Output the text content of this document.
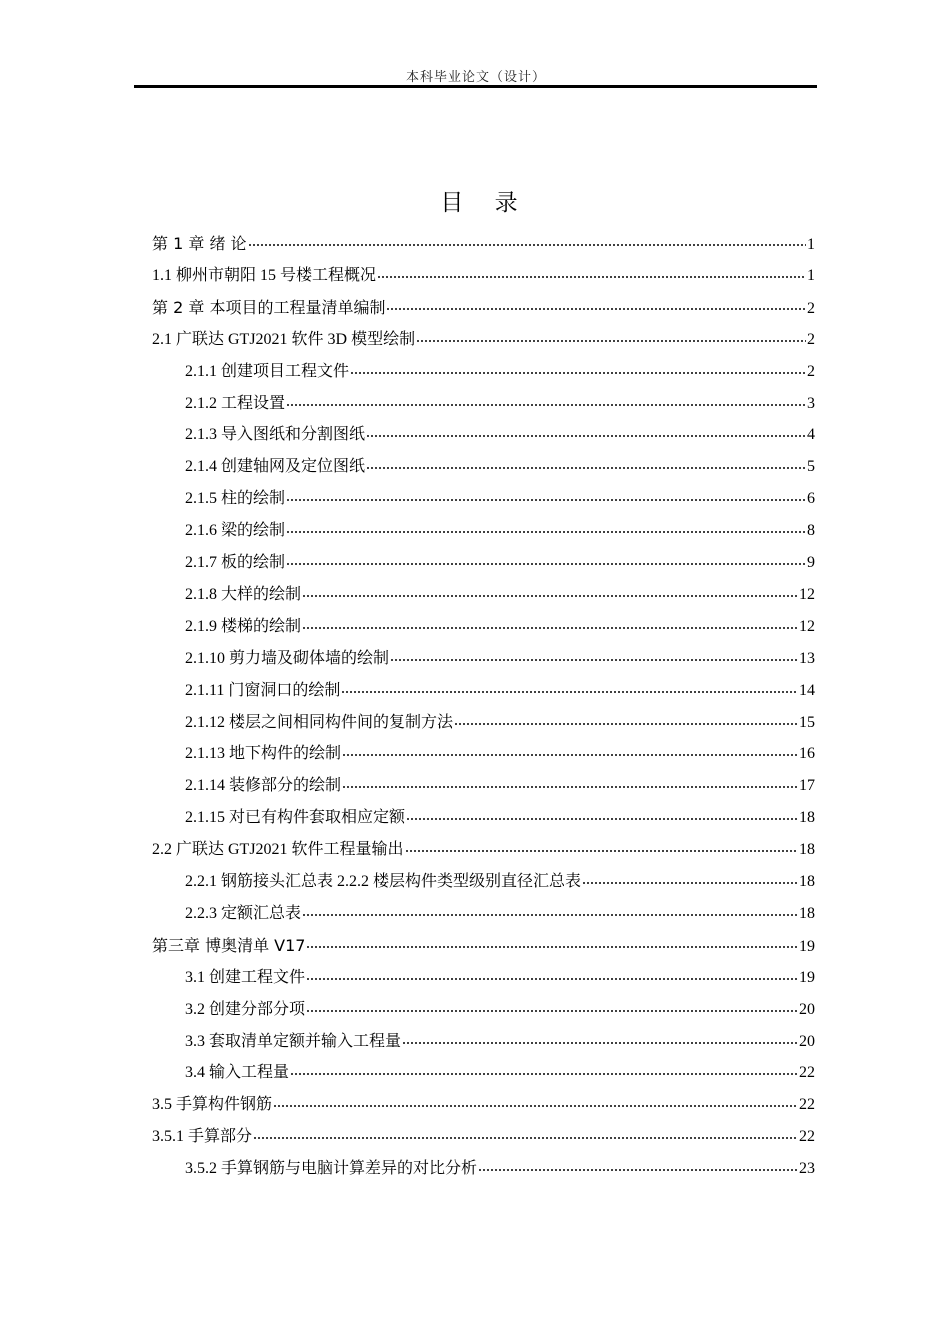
本科毕业论文（设计）
目 录
第 1 章 绪 论	1
1.1 柳州市朝阳 15 号楼工程概况	1
第 2 章 本项目的工程量清单编制	2
2.1 广联达 GTJ2021 软件 3D 模型绘制	2
2.1.1 创建项目工程文件	2
2.1.2 工程设置	3
2.1.3 导入图纸和分割图纸	4
2.1.4 创建轴网及定位图纸	5
2.1.5 柱的绘制	6
2.1.6 梁的绘制	8
2.1.7 板的绘制	9
2.1.8 大样的绘制	12
2.1.9 楼梯的绘制	12
2.1.10 剪力墙及砌体墙的绘制	13
2.1.11 门窗洞口的绘制	14
2.1.12 楼层之间相同构件间的复制方法	15
2.1.13 地下构件的绘制	16
2.1.14 装修部分的绘制	17
2.1.15 对已有构件套取相应定额	18
2.2 广联达 GTJ2021 软件工程量输出	18
2.2.1 钢筋接头汇总表 2.2.2 楼层构件类型级别直径汇总表	18
2.2.3 定额汇总表	18
第三章 博奥清单 V17	19
3.1 创建工程文件	19
3.2 创建分部分项	20
3.3 套取清单定额并输入工程量	20
3.4 输入工程量	22
3.5 手算构件钢筋	22
3.5.1 手算部分	22
3.5.2 手算钢筋与电脑计算差异的对比分析	23
